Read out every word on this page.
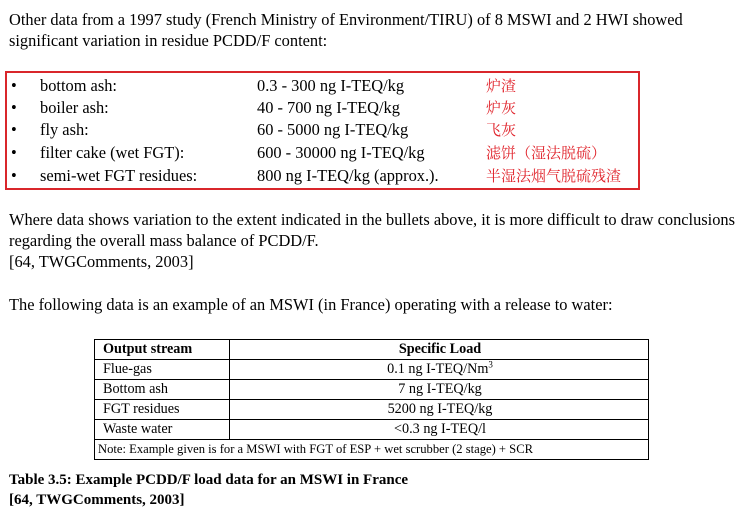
Other data from a 1997 study (French Ministry of Environment/TIRU) of 8 MSWI and 2 HWI showed significant variation in residue PCDD/F content:

• bottom ash:	0.3 - 300 ng I-TEQ/kg	炉渣
• boiler ash:	40 - 700 ng I-TEQ/kg	炉灰
• fly ash:	60 - 5000 ng I-TEQ/kg	飞灰
• filter cake (wet FGT):	600 - 30000 ng I-TEQ/kg	滤饼（湿法脱硫）
• semi-wet FGT residues:	800 ng I-TEQ/kg (approx.).	半湿法烟气脱硫残渣

Where data shows variation to the extent indicated in the bullets above, it is more difficult to draw conclusions regarding the overall mass balance of PCDD/F.

[64, TWGComments, 2003]

The following data is an example of an MSWI (in France) operating with a release to water:

Output stream	Specific Load
Flue-gas	0.1 ng I-TEQ/Nm$^3$
Bottom ash	7 ng I-TEQ/kg
FGT residues	5200 ng I-TEQ/kg
Waste water	<0.3 ng I-TEQ/l
Note: Example given is for a MSWI with FGT of ESP + wet scrubber (2 stage) + SCR	
Table 3.5: Example PCDD/F load data for an MSWI in France
[64, TWGComments, 2003]
